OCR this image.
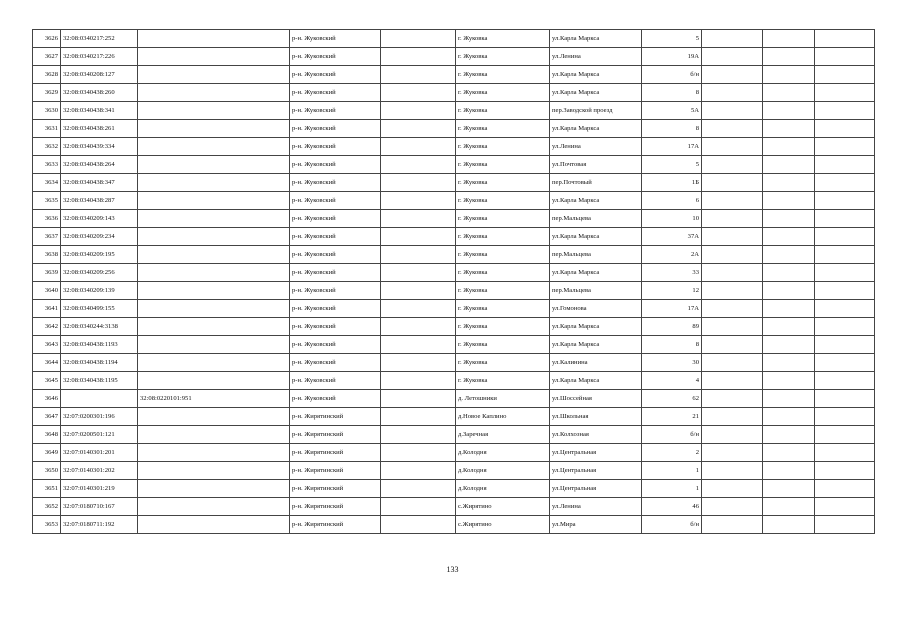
3626	32:08:0340217:252		р-н. Жуковский		г. Жуковка	ул.Карла Маркса	5			
3627	32:08:0340217:226		р-н. Жуковский		г. Жуковка	ул.Ленина	19А			
3628	32:08:0340208:127		р-н. Жуковский		г. Жуковка	ул.Карла Маркса	б/н			
3629	32:08:0340438:260		р-н. Жуковский		г. Жуковка	ул.Карла Маркса	8			
3630	32:08:0340438:341		р-н. Жуковский		г. Жуковка	пер.Заводской проезд	5А			
3631	32:08:0340438:261		р-н. Жуковский		г. Жуковка	ул.Карла Маркса	8			
3632	32:08:0340439:334		р-н. Жуковский		г. Жуковка	ул.Ленина	17А			
3633	32:08:0340438:264		р-н. Жуковский		г. Жуковка	ул.Почтовая	5			
3634	32:08:0340438:347		р-н. Жуковский		г. Жуковка	пер.Почтовый	1Б			
3635	32:08:0340438:287		р-н. Жуковский		г. Жуковка	ул.Карла Маркса	6			
3636	32:08:0340209:143		р-н. Жуковский		г. Жуковка	пер.Мальцева	10			
3637	32:08:0340209:234		р-н. Жуковский		г. Жуковка	ул.Карла Маркса	37А			
3638	32:08:0340209:195		р-н. Жуковский		г. Жуковка	пер.Мальцева	2А			
3639	32:08:0340209:256		р-н. Жуковский		г. Жуковка	ул.Карла Маркса	33			
3640	32:08:0340209:139		р-н. Жуковский		г. Жуковка	пер.Мальцева	12			
3641	32:08:0340499:155		р-н. Жуковский		г. Жуковка	ул.Гомонова	17А			
3642	32:08:0340244:3138		р-н. Жуковский		г. Жуковка	ул.Карла Маркса	89			
3643	32:08:0340438:1193		р-н. Жуковский		г. Жуковка	ул.Карла Маркса	8			
3644	32:08:0340438:1194		р-н. Жуковский		г. Жуковка	ул.Калинина	30			
3645	32:08:0340438:1195		р-н. Жуковский		г. Жуковка	ул.Карла Маркса	4			
3646		32:08:0220101:951	р-н. Жуковский		д. Летошники	ул.Шоссейная	62			
3647	32:07:0200301:196		р-н. Жирятинский		д.Новое Каплино	ул.Школьная	21			
3648	32:07:0200501:121		р-н. Жирятинский		д.Заречная	ул.Колхозная	б/н			
3649	32:07:0140301:201		р-н. Жирятинский		д.Колодня	ул.Центральная	2			
3650	32:07:0140301:202		р-н. Жирятинский		д.Колодня	ул.Центральная	1			
3651	32:07:0140301:219		р-н. Жирятинский		д.Колодня	ул.Центральная	1			
3652	32:07:0180710:167		р-н. Жирятинский		с.Жирятино	ул.Ленина	46			
3653	32:07:0180711:192		р-н. Жирятинский		с.Жирятино	ул.Мира	б/н			
133
